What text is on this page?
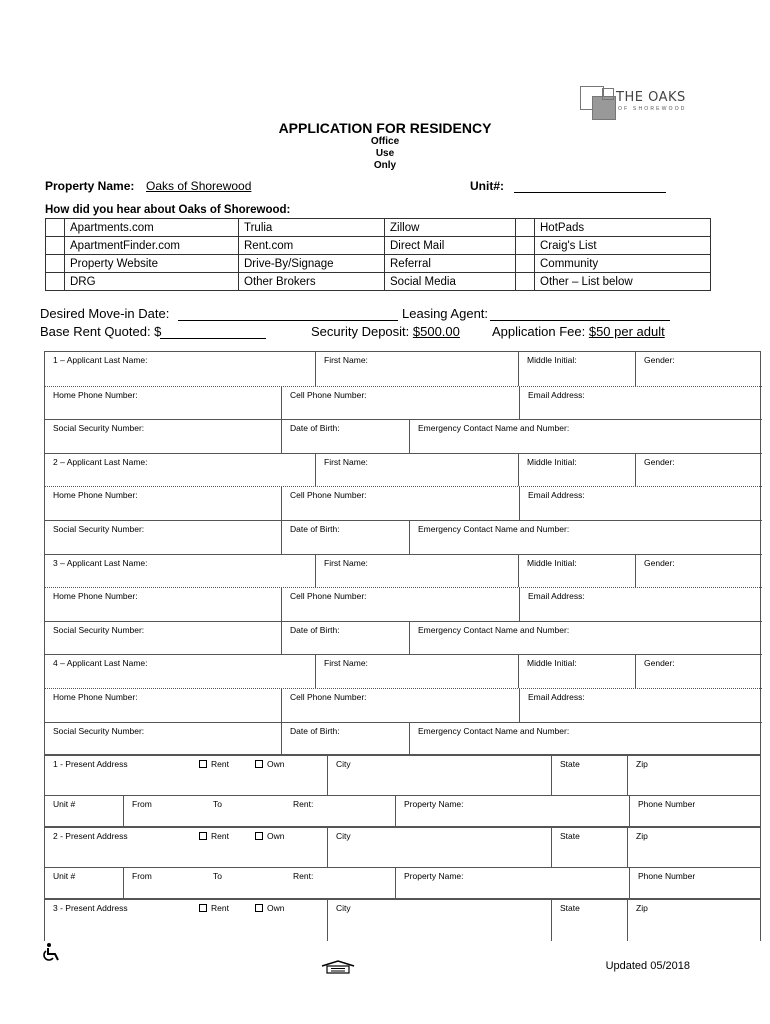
THE OAKS
OF SHOREWOOD
APPLICATION FOR RESIDENCY
Office
Use
Only
Property Name: Oaks of Shorewood	Unit#:
How did you hear about Oaks of Shorewood:
	Apartments.com	Trulia	Zillow		HotPads
	ApartmentFinder.com	Rent.com	Direct Mail		Craig's List
	Property Website	Drive-By/Signage	Referral		Community
	DRG	Other Brokers	Social Media		Other – List below
Desired Move-in Date:	Leasing Agent:
Base Rent Quoted: $	Security Deposit: $500.00 Application Fee: $50 per adult
1 – Applicant Last Name:	First Name:	Middle Initial:	Gender:
Home Phone Number:	Cell Phone Number:	Email Address:
Social Security Number:	Date of Birth:	Emergency Contact Name and Number:
2 – Applicant Last Name:	First Name:	Middle Initial:	Gender:
Home Phone Number:	Cell Phone Number:	Email Address:
Social Security Number:	Date of Birth:	Emergency Contact Name and Number:
3 – Applicant Last Name:	First Name:	Middle Initial:	Gender:
Home Phone Number:	Cell Phone Number:	Email Address:
Social Security Number:	Date of Birth:	Emergency Contact Name and Number:
4 – Applicant Last Name:	First Name:	Middle Initial:	Gender:
Home Phone Number:	Cell Phone Number:	Email Address:
Social Security Number:	Date of Birth:	Emergency Contact Name and Number:
1 - Present Address	Rent	Own	City	State	Zip
Unit #	From	To	Rent:	Property Name:	Phone Number
2 - Present Address	Rent	Own	City	State	Zip
Unit #	From	To	Rent:	Property Name:	Phone Number
3 - Present Address	Rent	Own	City	State	Zip
Updated 05/2018
